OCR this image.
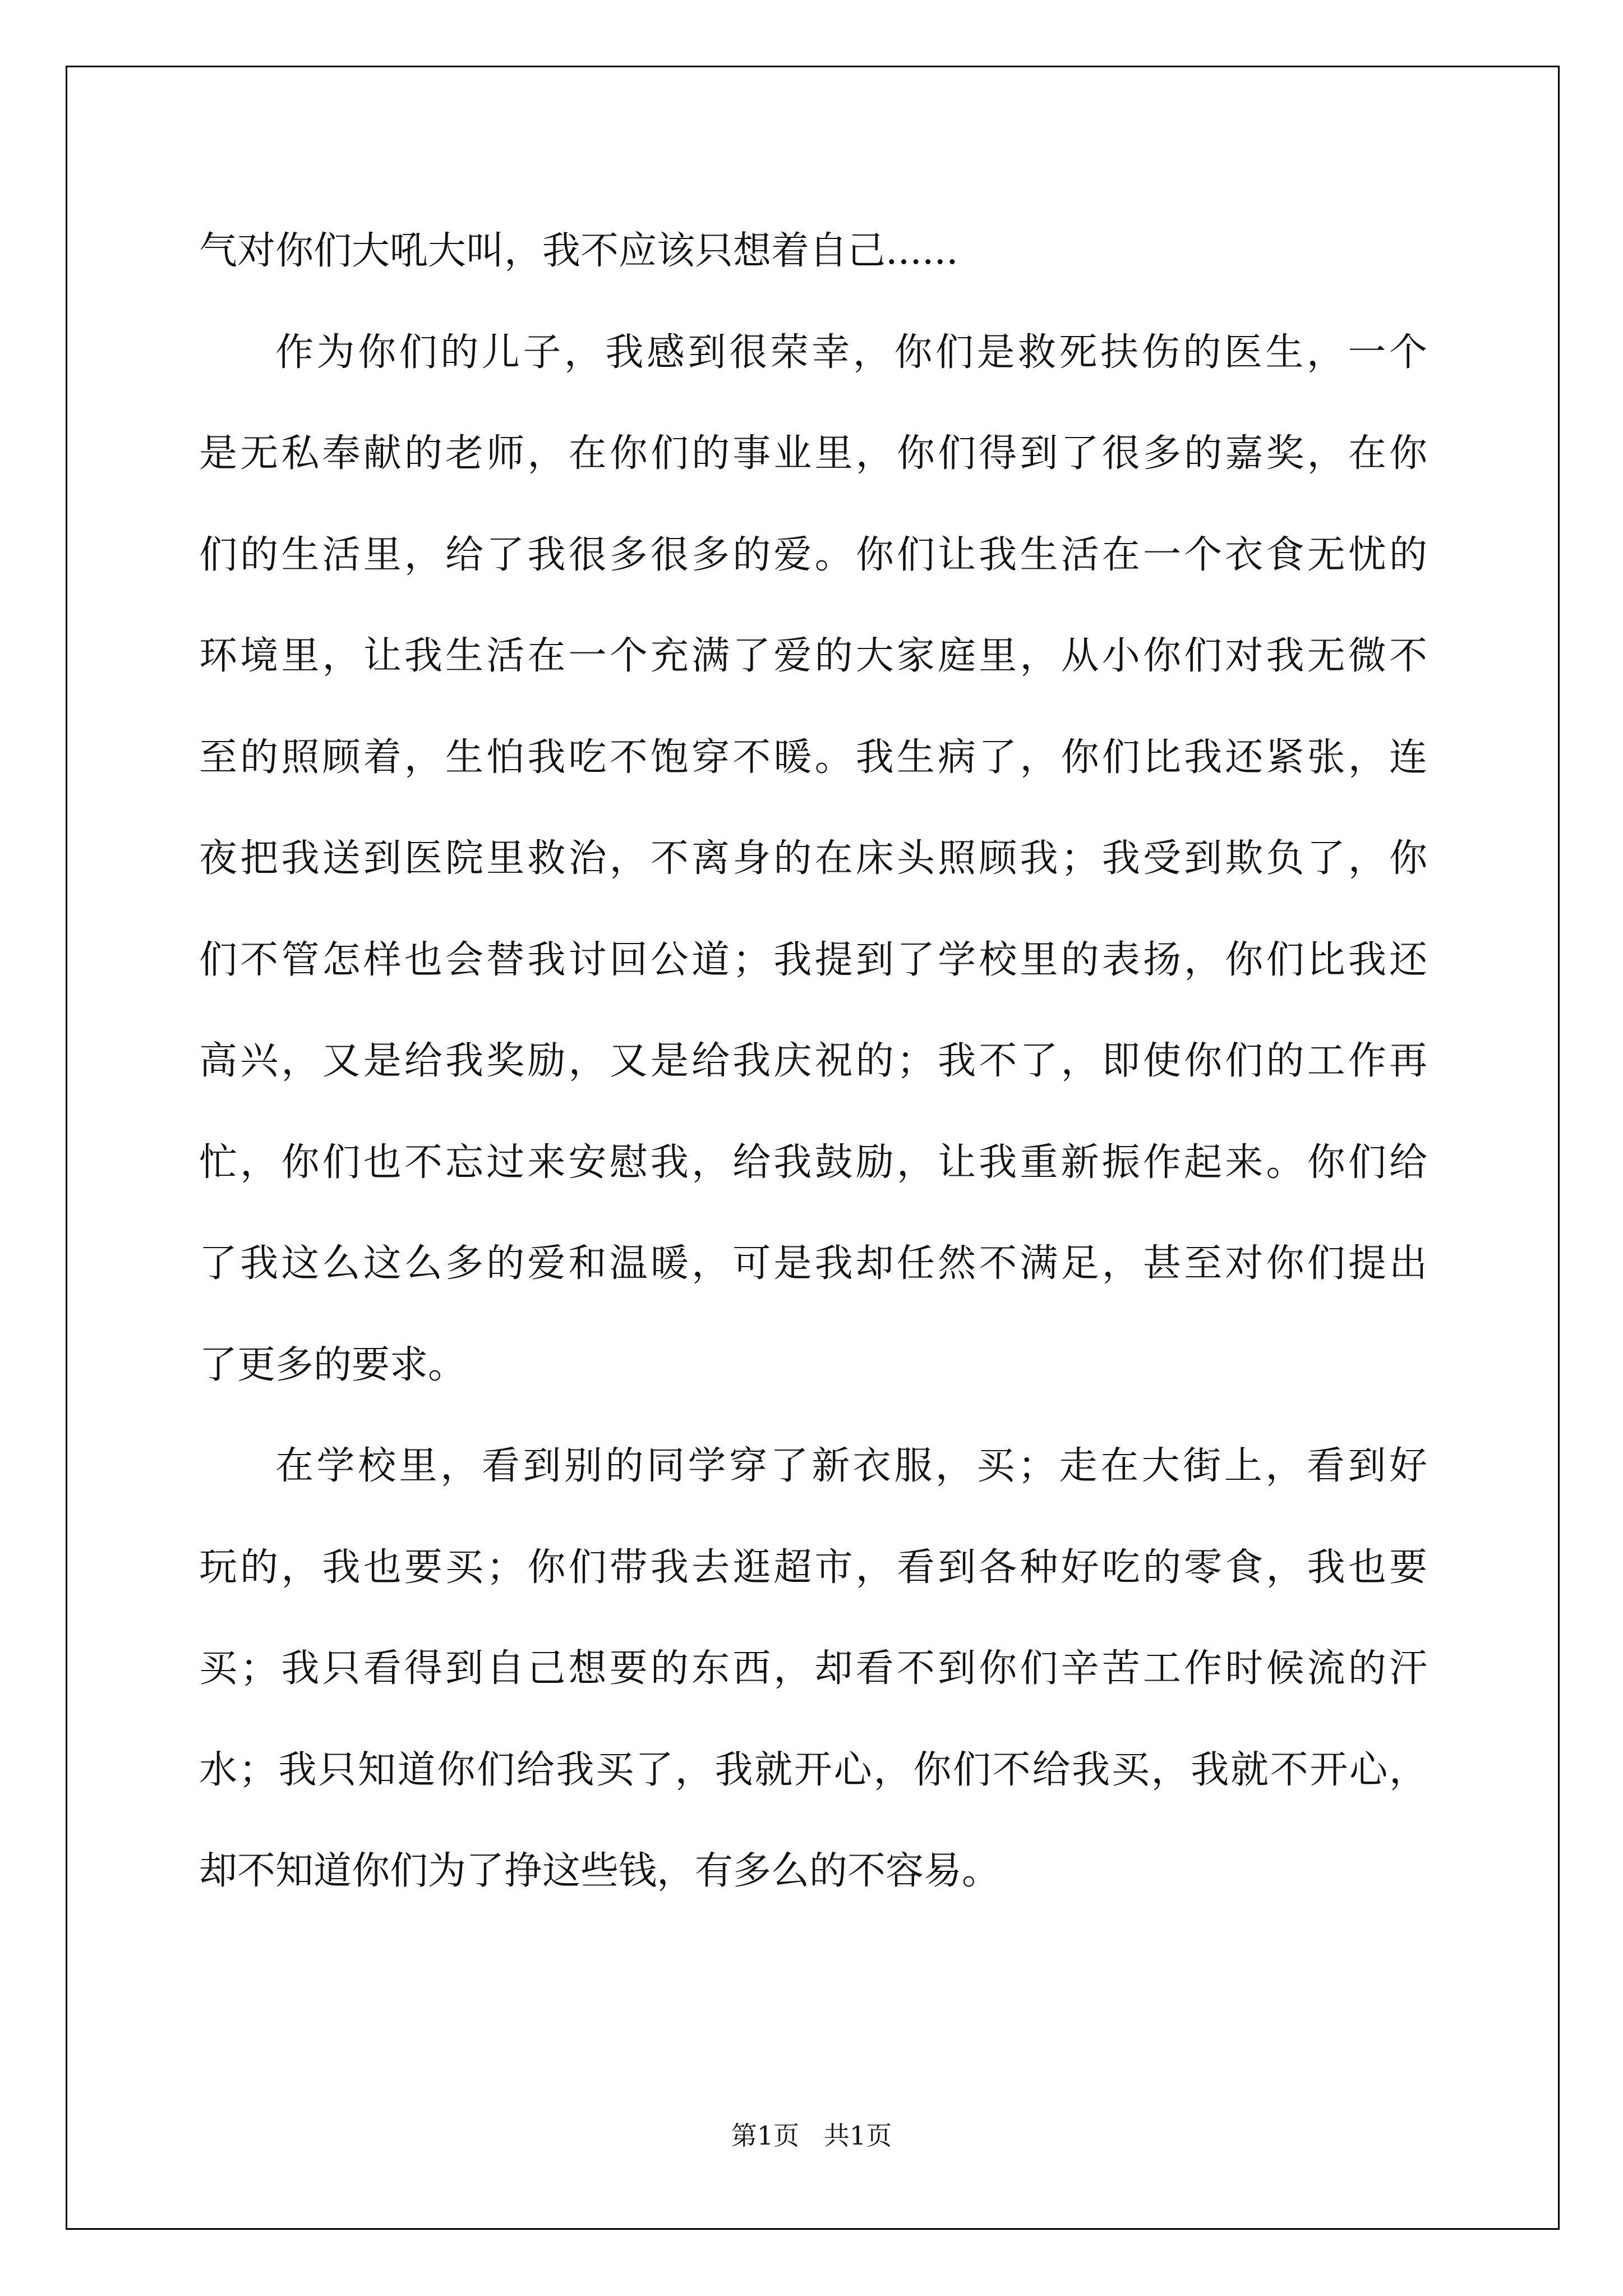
气对你们大吼大叫，我不应该只想着自己......
作为你们的儿子，我感到很荣幸，你们是救死扶伤的医生，一个
是无私奉献的老师，在你们的事业里，你们得到了很多的嘉奖，在你
们的生活里，给了我很多很多的爱。你们让我生活在一个衣食无忧的
环境里，让我生活在一个充满了爱的大家庭里，从小你们对我无微不
至的照顾着，生怕我吃不饱穿不暖。我生病了，你们比我还紧张，连
夜把我送到医院里救治，不离身的在床头照顾我；我受到欺负了，你
们不管怎样也会替我讨回公道；我提到了学校里的表扬，你们比我还
高兴，又是给我奖励，又是给我庆祝的；我不了，即使你们的工作再
忙，你们也不忘过来安慰我，给我鼓励，让我重新振作起来。你们给
了我这么这么多的爱和温暖，可是我却任然不满足，甚至对你们提出
了更多的要求。
在学校里，看到别的同学穿了新衣服，买；走在大街上，看到好
玩的，我也要买；你们带我去逛超市，看到各种好吃的零食，我也要
买；我只看得到自己想要的东西，却看不到你们辛苦工作时候流的汗
水；我只知道你们给我买了，我就开心，你们不给我买，我就不开心，
却不知道你们为了挣这些钱，有多么的不容易。
第1页   共1页
